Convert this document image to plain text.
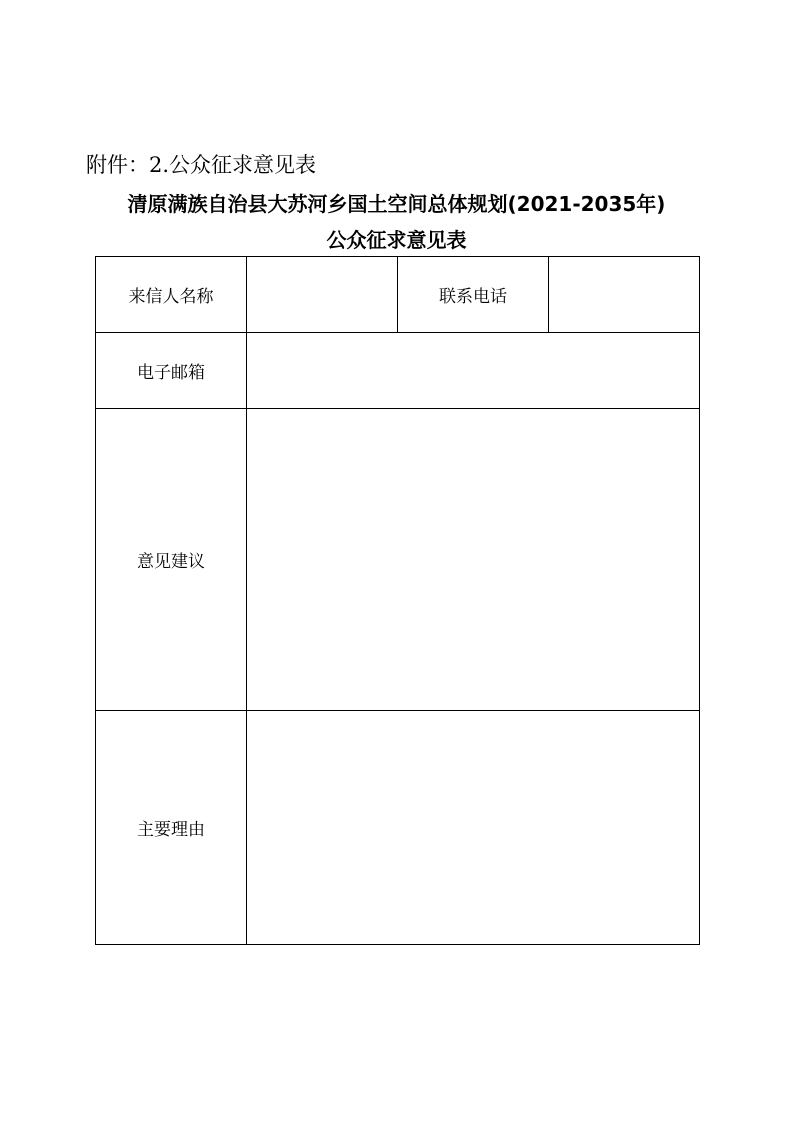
附件：2.公众征求意见表
清原满族自治县大苏河乡国土空间总体规划(2021-2035年)
公众征求意见表
来信人名称		联系电话	
电子邮箱			
意见建议			
主要理由			
